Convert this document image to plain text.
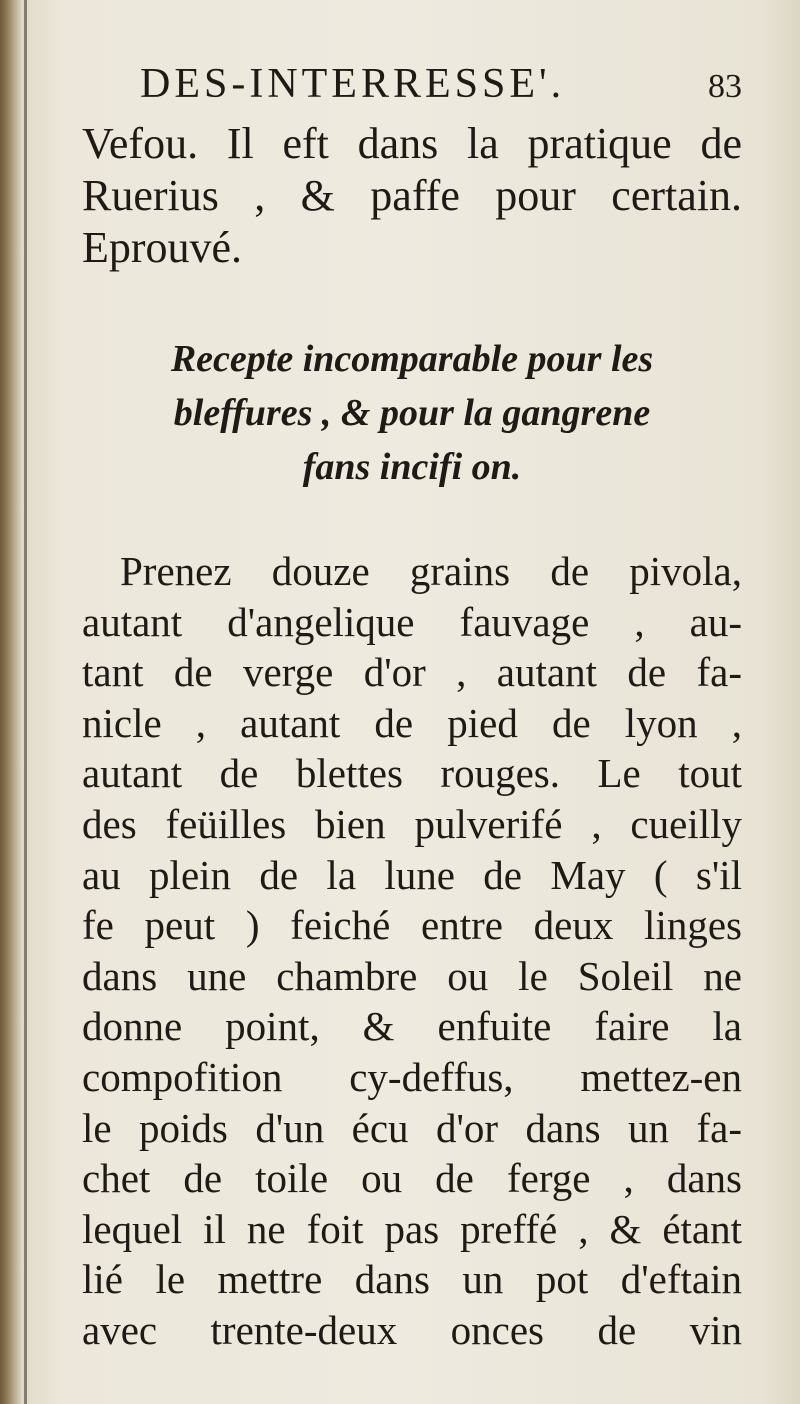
DES-INTERRESSE'.	83
Vefou. Il eft dans la pratique de
Ruerius , & paffe pour certain.
Eprouvé.
Recepte incomparable pour les
bleffures , & pour la gangrene
fans incifi on.
Prenez douze grains de pivola,
autant d'angelique fauvage , au-
tant de verge d'or , autant de fa-
nicle , autant de pied de lyon ,
autant de blettes rouges. Le tout
des feüilles bien pulverifé , cueilly
au plein de la lune de May ( s'il
fe peut ) feiché entre deux linges
dans une chambre ou le Soleil ne
donne point, & enfuite faire la
compofition cy-deffus, mettez-en
le poids d'un écu d'or dans un fa-
chet de toile ou de ferge , dans
lequel il ne foit pas preffé , & étant
lié le mettre dans un pot d'eftain
avec trente-deux onces de vin
